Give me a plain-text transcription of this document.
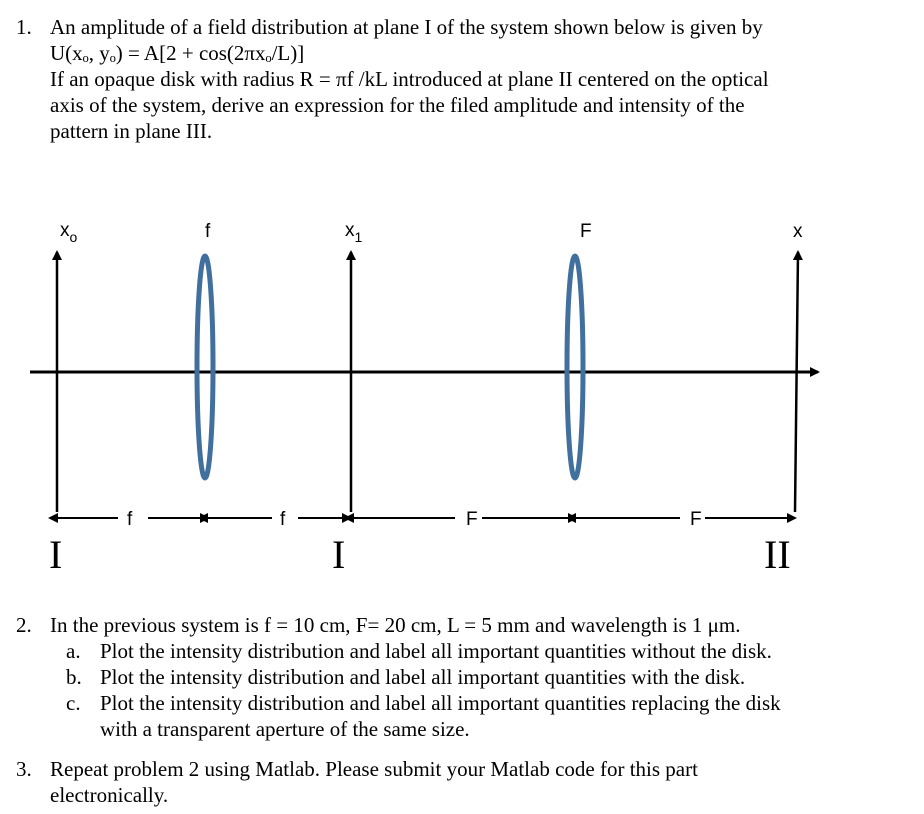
1. An amplitude of a field distribution at plane I of the system shown below is given by
U(xₒ, yₒ) = A[2 + cos(2πxₒ/L)]
If an opaque disk with radius R = πf /kL introduced at plane II centered on the optical
axis of the system, derive an expression for the filed amplitude and intensity of the
pattern in plane III.
$x_o$	f	$x_1$	F	x
f	f	F	F
I	I	II
2. In the previous system is f = 10 cm, F= 20 cm, L = 5 mm and wavelength is 1 μm.
a. Plot the intensity distribution and label all important quantities without the disk.
b. Plot the intensity distribution and label all important quantities with the disk.
c. Plot the intensity distribution and label all important quantities replacing the disk
with a transparent aperture of the same size.
3. Repeat problem 2 using Matlab. Please submit your Matlab code for this part
electronically.
